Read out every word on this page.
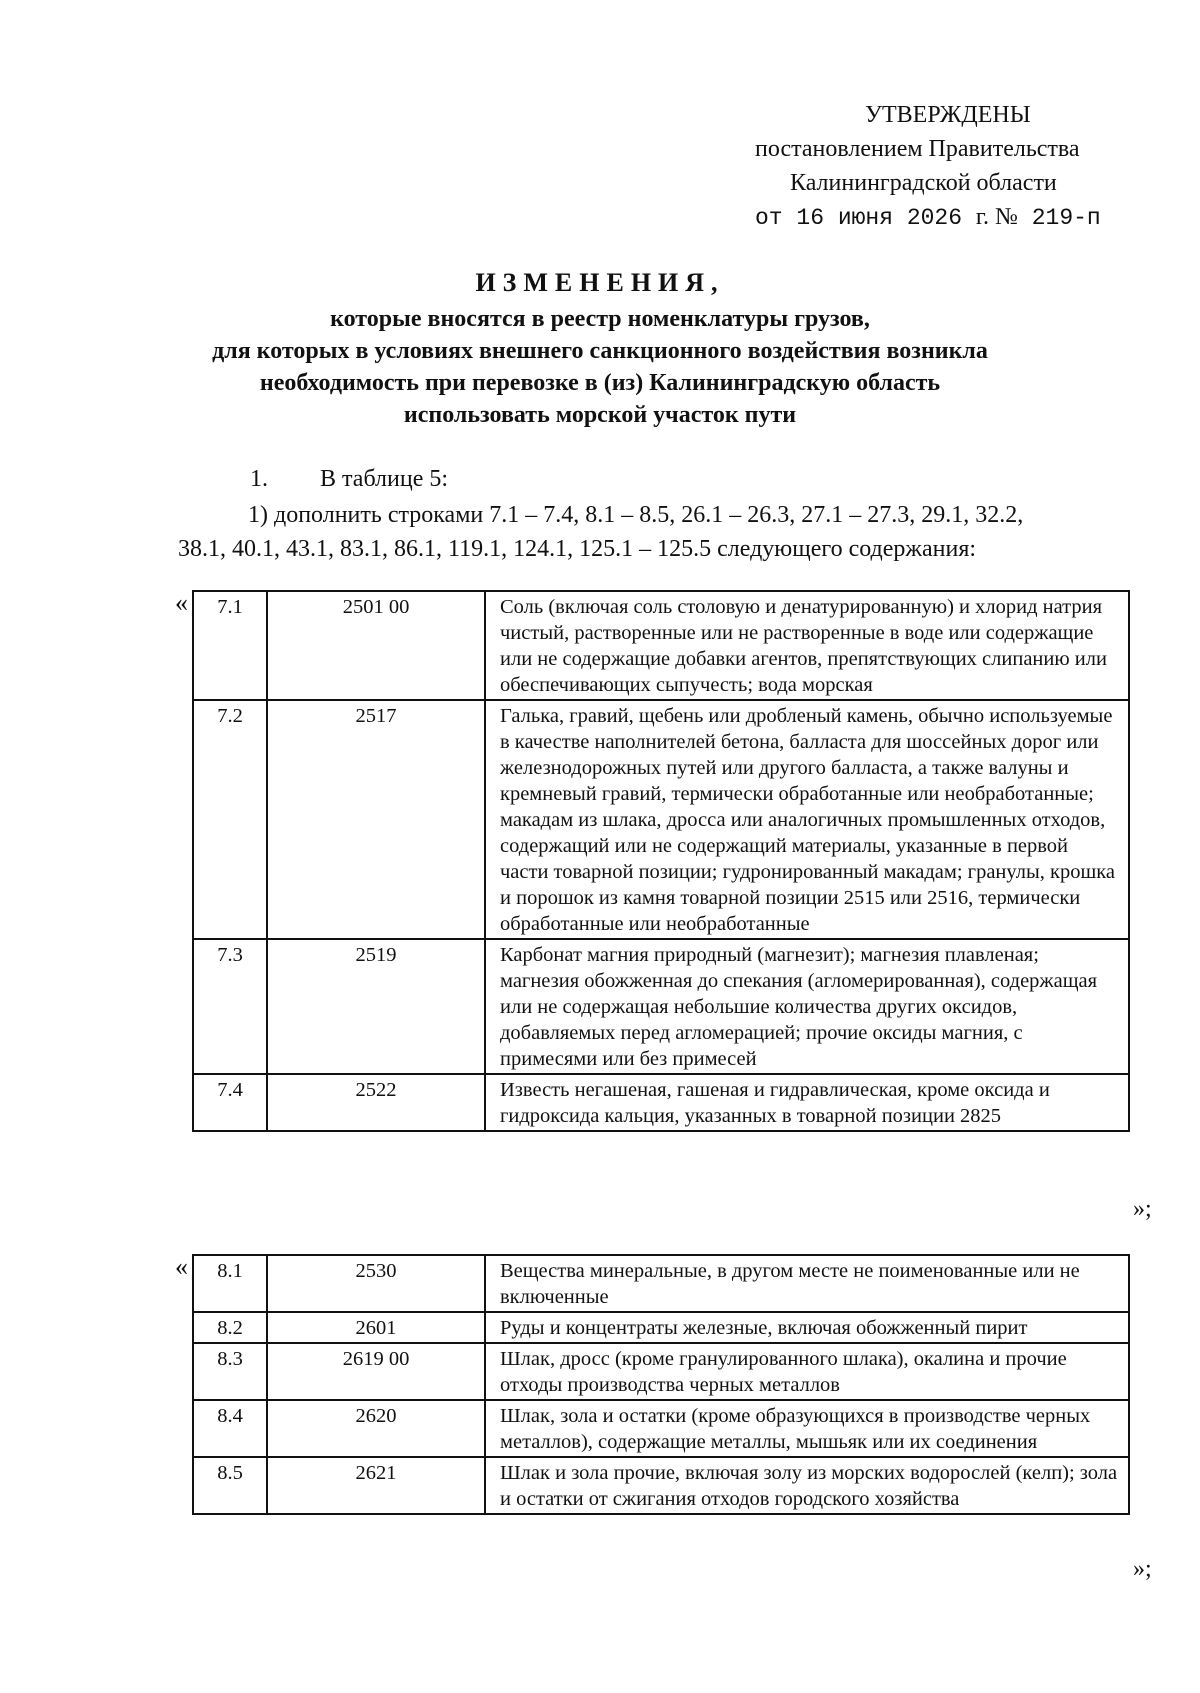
УТВЕРЖДЕНЫ
постановлением Правительства
Калининградской области
от 16 июня 2026 г. № 219-п
ИЗМЕНЕНИЯ,
которые вносятся в реестр номенклатуры грузов,
для которых в условиях внешнего санкционного воздействия возникла
необходимость при перевозке в (из) Калининградскую область
использовать морской участок пути
1. В таблице 5:
1) дополнить строками 7.1 – 7.4, 8.1 – 8.5, 26.1 – 26.3, 27.1 – 27.3, 29.1, 32.2,
38.1, 40.1, 43.1, 83.1, 86.1, 119.1, 124.1, 125.1 – 125.5 следующего содержания:
« 7.1	2501 00	Соль (включая соль столовую и денатурированную) и хлорид натрия чистый, растворенные или не растворенные в воде или содержащие или не содержащие добавки агентов, препятствующих слипанию или обеспечивающих сыпучесть; вода морская
7.2	2517	Галька, гравий, щебень или дробленый камень, обычно используемые в качестве наполнителей бетона, балласта для шоссейных дорог или железнодорожных путей или другого балласта, а также валуны и кремневый гравий, термически обработанные или необработанные; макадам из шлака, дросса или аналогичных промышленных отходов, содержащий или не содержащий материалы, указанные в первой части товарной позиции; гудронированный макадам; гранулы, крошка и порошок из камня товарной позиции 2515 или 2516, термически обработанные или необработанные
7.3	2519	Карбонат магния природный (магнезит); магнезия плавленая; магнезия обожженная до спекания (агломерированная), содержащая или не содержащая небольшие количества других оксидов, добавляемых перед агломерацией; прочие оксиды магния, с примесями или без примесей
7.4	2522	Известь негашеная, гашеная и гидравлическая, кроме оксида и гидроксида кальция, указанных в товарной позиции 2825
»;
« 8.1	2530	Вещества минеральные, в другом месте не поименованные или не включенные
8.2	2601	Руды и концентраты железные, включая обожженный пирит
8.3	2619 00	Шлак, дросс (кроме гранулированного шлака), окалина и прочие отходы производства черных металлов
8.4	2620	Шлак, зола и остатки (кроме образующихся в производстве черных металлов), содержащие металлы, мышьяк или их соединения
8.5	2621	Шлак и зола прочие, включая золу из морских водорослей (келп); зола и остатки от сжигания отходов городского хозяйства
»;
